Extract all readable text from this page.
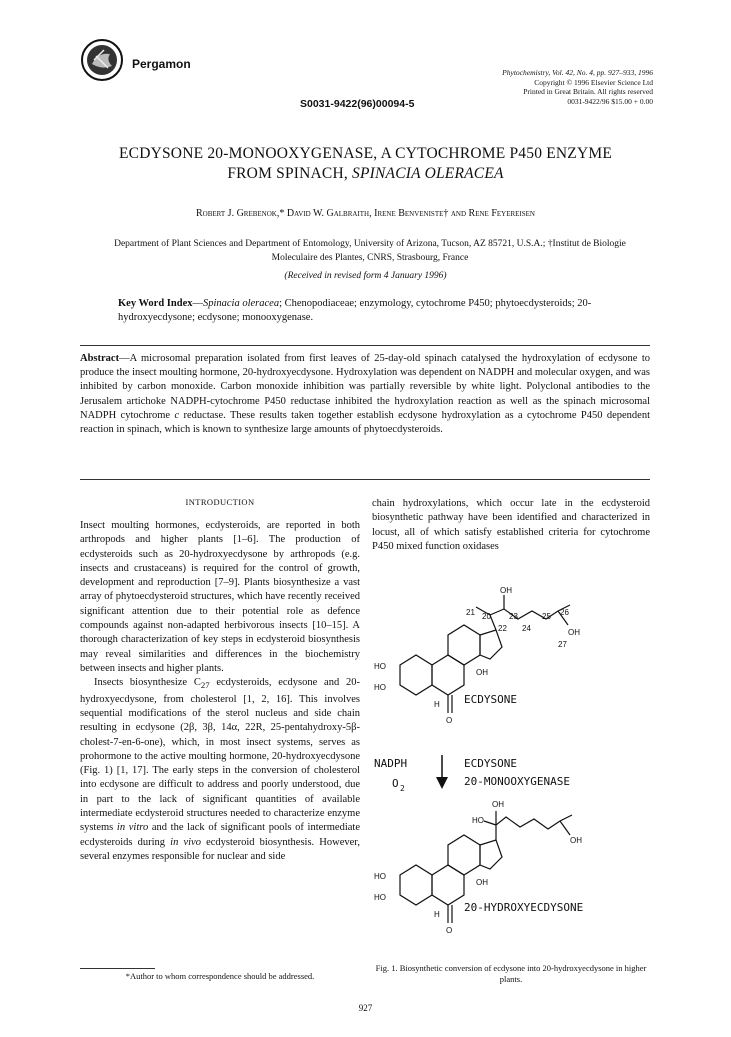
Pergamon
S0031-9422(96)00094-5
Phytochemistry, Vol. 42, No. 4, pp. 927–933, 1996
Copyright © 1996 Elsevier Science Ltd
Printed in Great Britain. All rights reserved
0031-9422/96 $15.00 + 0.00
ECDYSONE 20-MONOOXYGENASE, A CYTOCHROME P450 ENZYME
FROM SPINACH, SPINACIA OLERACEA
Robert J. Grebenok,* David W. Galbraith, Irene Benveniste† and Rene Feyereisen
Department of Plant Sciences and Department of Entomology, University of Arizona, Tucson, AZ 85721, U.S.A.; †Institut de Biologie Moleculaire des Plantes, CNRS, Strasbourg, France
(Received in revised form 4 January 1996)
Key Word Index—Spinacia oleracea; Chenopodiaceae; enzymology, cytochrome P450; phytoecdysteroids; 20-hydroxyecdysone; ecdysone; monooxygenase.
Abstract—A microsomal preparation isolated from first leaves of 25-day-old spinach catalysed the hydroxylation of ecdysone to produce the insect moulting hormone, 20-hydroxyecdysone. Hydroxylation was dependent on NADPH and molecular oxygen, and was inhibited by carbon monoxide. Carbon monoxide inhibition was partially reversible by white light. Polyclonal antibodies to the Jerusalem artichoke NADPH-cytochrome P450 reductase inhibited the hydroxylation reaction as well as the spinach microsomal NADPH cytochrome c reductase. These results taken together establish ecdysone hydroxylation as a cytochrome P450 dependent reaction in spinach, which is known to synthesize large amounts of phytoecdysteroids.
INTRODUCTION

Insect moulting hormones, ecdysteroids, are reported in both arthropods and higher plants [1–6]. The production of ecdysteroids such as 20-hydroxyecdysone by arthropods (e.g. insects and crustaceans) is required for the control of growth, development and reproduction [7–9]. Plants biosynthesize a vast array of phytoecdysteroid structures, which have recently received significant attention due to their potential role as defence compounds against non-adapted herbivorous insects [10–15]. A thorough characterization of key steps in ecdysteroid biosynthesis may reveal similarities and differences in the biochemistry between insects and higher plants.

Insects biosynthesize $C_{27}$ ecdysteroids, ecdysone and 20-hydroxyecdysone, from cholesterol [1, 2, 16]. This involves sequential modifications of the sterol nucleus and side chain resulting in ecdysone (2β, 3β, 14α, 22R, 25-pentahydroxy-5β-cholest-7-en-6-one), which, in most insect systems, serves as prohormone to the active moulting hormone, 20-hydroxyecdysone (Fig. 1) [1, 17]. The early steps in the conversion of cholesterol into ecdysone are difficult to address and poorly understood, due in part to the lack of significant quantities of available intermediate ecdysteroid structures needed to characterize enzyme systems in vitro and the lack of significant pools of intermediate ecdysteroids during in vivo ecdysteroid biosynthesis. However, several enzymes responsible for nuclear and side

chain hydroxylations, which occur late in the ecdysteroid biosynthetic pathway have been identified and characterized in locust, all of which satisfy established criteria for cytochrome P450 mixed function oxidases
OH
21 20 23
22 24
25 26
OH
27
HO
HO
OH
H
O
ECDYSONE
NADPH
O 2
ECDYSONE
20-MONOOXYGENASE
OH
HO
OH
HO
HO
OH
H
O
20-HYDROXYECDYSONE
Fig. 1. Biosynthetic conversion of ecdysone into 20-hydroxyecdysone in higher plants.
*Author to whom correspondence should be addressed.
927
